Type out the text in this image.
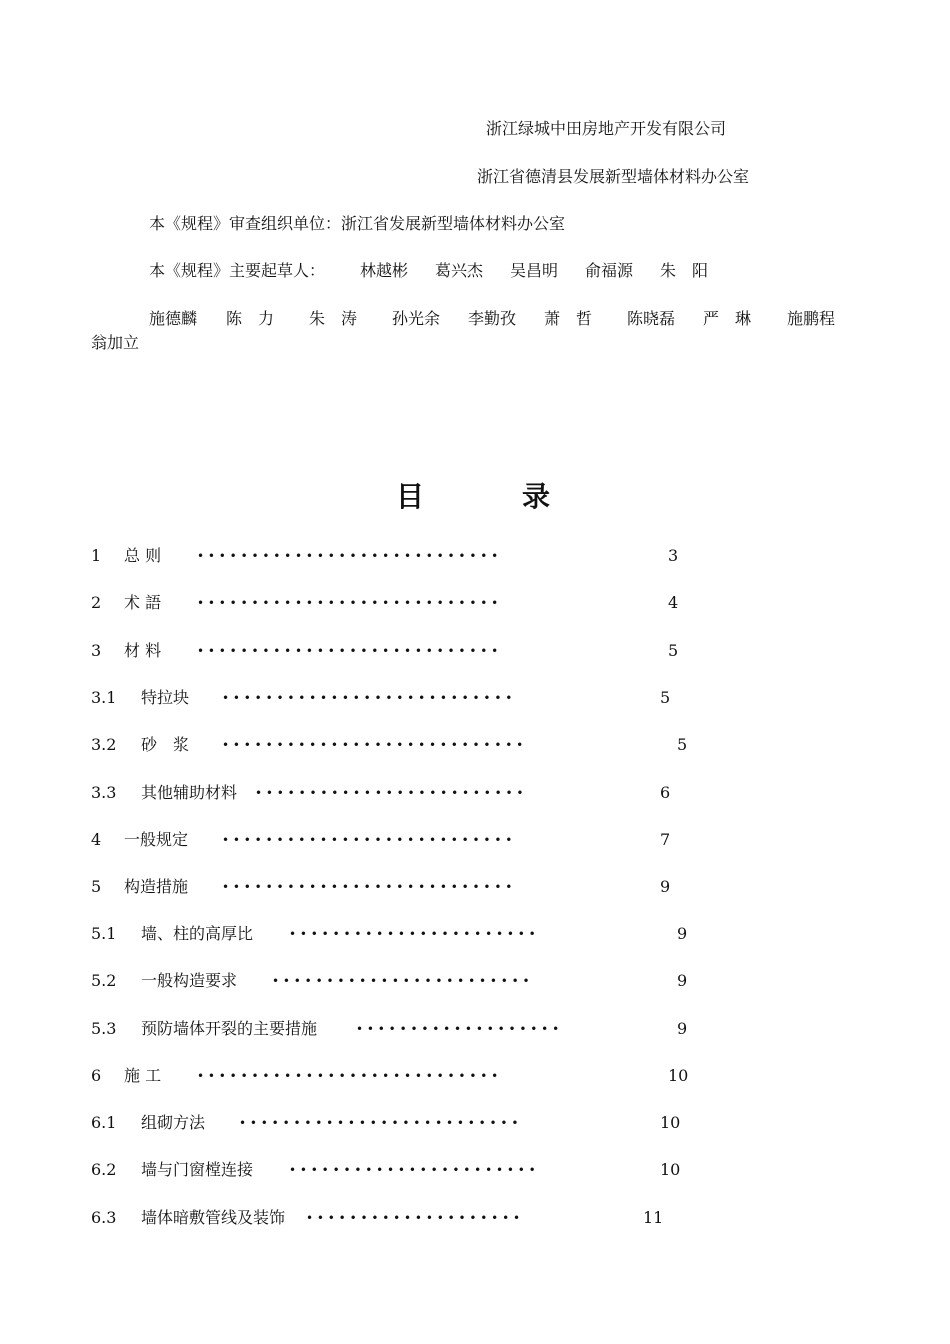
浙江绿城中田房地产开发有限公司
浙江省德清县发展新型墙体材料办公室
本《规程》审查组织单位：浙江省发展新型墙体材料办公室
本《规程》主要起草人： 林越彬 葛兴杰 吴昌明 俞福源 朱　阳
施德麟 陈　力 朱　涛 孙光余 李勤孜 萧　哲 陈晓磊 严　琳 施鹏程
翁加立
目	录
1 总 则	• • • • • • • • • • • • • • • • • • • • • • • • • • • •	3
2 术 語	• • • • • • • • • • • • • • • • • • • • • • • • • • • •	4
3 材 料	• • • • • • • • • • • • • • • • • • • • • • • • • • • •	5
3.1 特拉块	• • • • • • • • • • • • • • • • • • • • • • • • • • •	5
3.2 砂　浆	• • • • • • • • • • • • • • • • • • • • • • • • • • • •	5
3.3 其他辅助材料 • • • • • • • • • • • • • • • • • • • • • • • • •	6
4 一般规定	• • • • • • • • • • • • • • • • • • • • • • • • • • •	7
5 构造措施	• • • • • • • • • • • • • • • • • • • • • • • • • • •	9
5.1 墙、柱的高厚比	• • • • • • • • • • • • • • • • • • • • • • •	9
5.2 一般构造要求	• • • • • • • • • • • • • • • • • • • • • • • •	9
5.3 预防墙体开裂的主要措施	• • • • • • • • • • • • • • • • • • •	9
6 施 工	• • • • • • • • • • • • • • • • • • • • • • • • • • • •	10
6.1 组砌方法	• • • • • • • • • • • • • • • • • • • • • • • • • •	10
6.2 墙与门窗樘连接	• • • • • • • • • • • • • • • • • • • • • • •	10
6.3 墙体暗敷管线及装饰 • • • • • • • • • • • • • • • • • • • •	11
